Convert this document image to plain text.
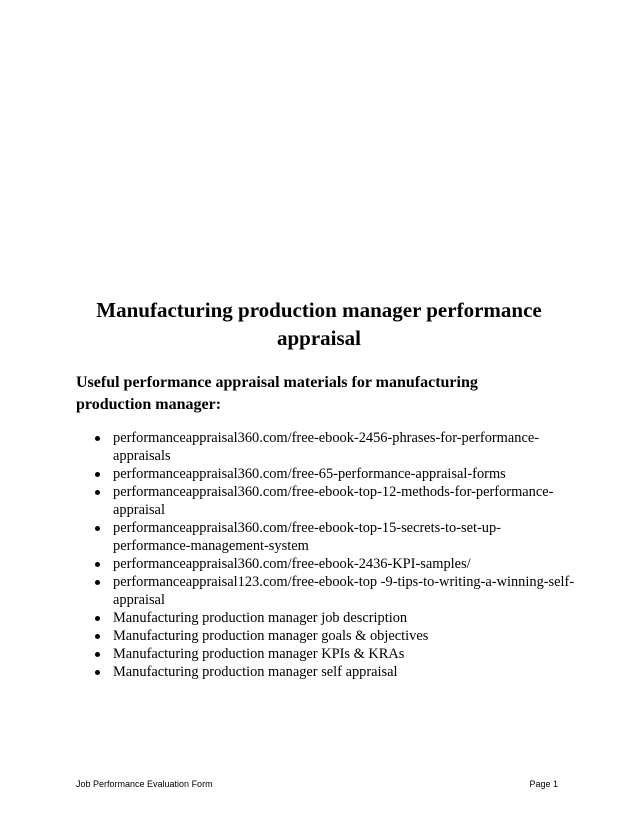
Manufacturing production manager performance appraisal

Useful performance appraisal materials for manufacturing production manager:

performanceappraisal360.com/free-ebook-2456-phrases-for-performance-appraisals
performanceappraisal360.com/free-65-performance-appraisal-forms
performanceappraisal360.com/free-ebook-top-12-methods-for-performance-appraisal
performanceappraisal360.com/free-ebook-top-15-secrets-to-set-up-performance-management-system
performanceappraisal360.com/free-ebook-2436-KPI-samples/
performanceappraisal123.com/free-ebook-top -9-tips-to-writing-a-winning-self-appraisal
Manufacturing production manager job description
Manufacturing production manager goals & objectives
Manufacturing production manager KPIs & KRAs
Manufacturing production manager self appraisal
Job Performance Evaluation Form	Page 1
